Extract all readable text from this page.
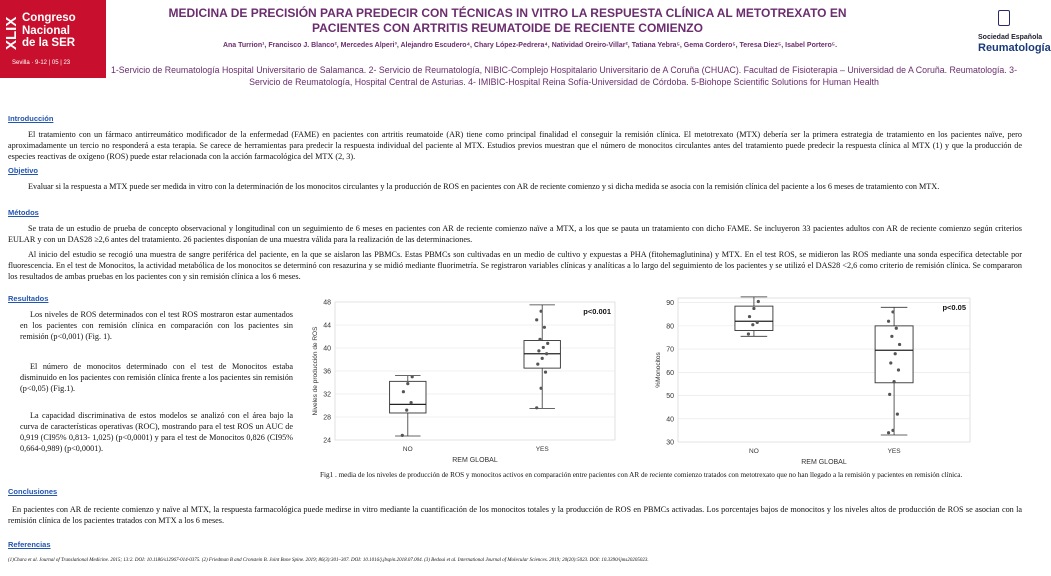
XLIX Congreso
Nacional
de la SER
Sevilla · 9-12 | 05 | 23
MEDICINA DE PRECISIÓN PARA PREDECIR CON TÉCNICAS IN VITRO LA RESPUESTA CLÍNICA AL METOTREXATO EN PACIENTES CON ARTRITIS REUMATOIDE DE RECIENTE COMIENZO
Ana Turrion¹, Francisco J. Blanco², Mercedes Alperi³, Alejandro Escudero⁴, Chary López-Pedrera⁴, Natividad Oreiro-Villar², Tatiana Yebra⁵, Gema Cordero⁵, Teresa Diez⁵, Isabel Portero⁵.
1-Servicio de Reumatología Hospital Universitario de Salamanca. 2- Servicio de Reumatología, NIBIC-Complejo Hospitalario Universitario de A Coruña (CHUAC). Facultad de Fisioterapia – Universidad de A Coruña. Reumatología. 3-Servicio de Reumatología, Hospital Central de Asturias. 4- IMIBIC-Hospital Reina Sofía-Universidad de Córdoba. 5-Biohope Scientific Solutions for Human Health
Sociedad Española
Reumatología
Introducción
El tratamiento con un fármaco antirreumático modificador de la enfermedad (FAME) en pacientes con artritis reumatoide (AR) tiene como principal finalidad el conseguir la remisión clínica. El metotrexato (MTX) debería ser la primera estrategia de tratamiento en los pacientes naïve, pero aproximadamente un tercio no responderá a esta terapia. Se carece de herramientas para predecir la respuesta individual del paciente al MTX. Estudios previos muestran que el número de monocitos circulantes antes del tratamiento puede predecir la respuesta clínica al MTX (1) y que la producción de especies reactivas de oxígeno (ROS) puede estar relacionada con la acción farmacológica del MTX (2, 3).
Objetivo
Evaluar si la respuesta a MTX puede ser medida in vitro con la determinación de los monocitos circulantes y la producción de ROS en pacientes con AR de reciente comienzo y si dicha medida se asocia con la remisión clínica del paciente a los 6 meses de tratamiento con MTX.
Métodos
Se trata de un estudio de prueba de concepto observacional y longitudinal con un seguimiento de 6 meses en pacientes con AR de reciente comienzo naïve a MTX, a los que se pauta un tratamiento con dicho FAME. Se incluyeron 33 pacientes adultos con AR de reciente comienzo según criterios EULAR y con un DAS28 ≥2,6 antes del tratamiento. 26 pacientes disponían de una muestra válida para la realización de las determinaciones.
Al inicio del estudio se recogió una muestra de sangre periférica del paciente, en la que se aislaron las PBMCs. Estas PBMCs son cultivadas en un medio de cultivo y expuestas a PHA (fitohemaglutinina) y MTX. En el test ROS, se midieron las ROS mediante una sonda específica detectable por fluorescencia. En el test de Monocitos, la actividad metabólica de los monocitos se determinó con resazurina y se midió mediante fluorimetría. Se registraron variables clínicas y analíticas a lo largo del seguimiento de los pacientes y se utilizó el DAS28 <2,6 como criterio de remisión clínica. Se compararon los resultados de ambas pruebas en los pacientes con y sin remisión clínica a los 6 meses.
Resultados
Los niveles de ROS determinados con el test ROS mostraron estar aumentados en los pacientes con remisión clínica en comparación con los pacientes sin remisión (p<0,001) (Fig. 1).
El número de monocitos determinado con el test de Monocitos estaba disminuido en los pacientes con remisión clínica frente a los pacientes sin remisión (p<0,05) (Fig.1).
La capacidad discriminativa de estos modelos se analizó con el área bajo la curva de características operativas (ROC), mostrando para el test ROS un AUC de 0,919 (CI95% 0,813- 1,025) (p<0,0001) y para el test de Monocitos 0,826 (CI95% 0,664-0,989) (p<0,0001).
24
28
32
36
40
44
48
NO	YES
REM GLOBAL
Niveles de producción de ROS
p<0.001
30
40
50
60
70
80
90
NO	YES
REM GLOBAL
%Monocitos
p<0.05
Fig1 . media de los niveles de producción de ROS y monocitos activos en comparación entre pacientes con AR de reciente comienzo tratados con metotrexato que no han llegado a la remisión y pacientes en remisión clínica.
Conclusiones
En pacientes con AR de reciente comienzo y naïve al MTX, la respuesta farmacológica puede medirse in vitro mediante la cuantificación de los monocitos totales y la producción de ROS en PBMCs activadas. Los porcentajes bajos de monocitos y los niveles altos de producción de ROS se asocian con la remisión clínica de los pacientes tratados con MTX a los 6 meses.
Referencias
(1)Chara et al. Journal of Translational Medicine. 2015; 13:2. DOI: 10.1186/s12967-014-0375. (2) Friedman B and Cronstein B. Joint Bone Spine. 2019; 86(3):301–307. DOI: 10.1016/j.jbspin.2018.07.004. (3) Bedoui et al. International Journal of Molecular Sciences. 2019; 20(20):5023. DOI: 10.3390/ijms20205023.
